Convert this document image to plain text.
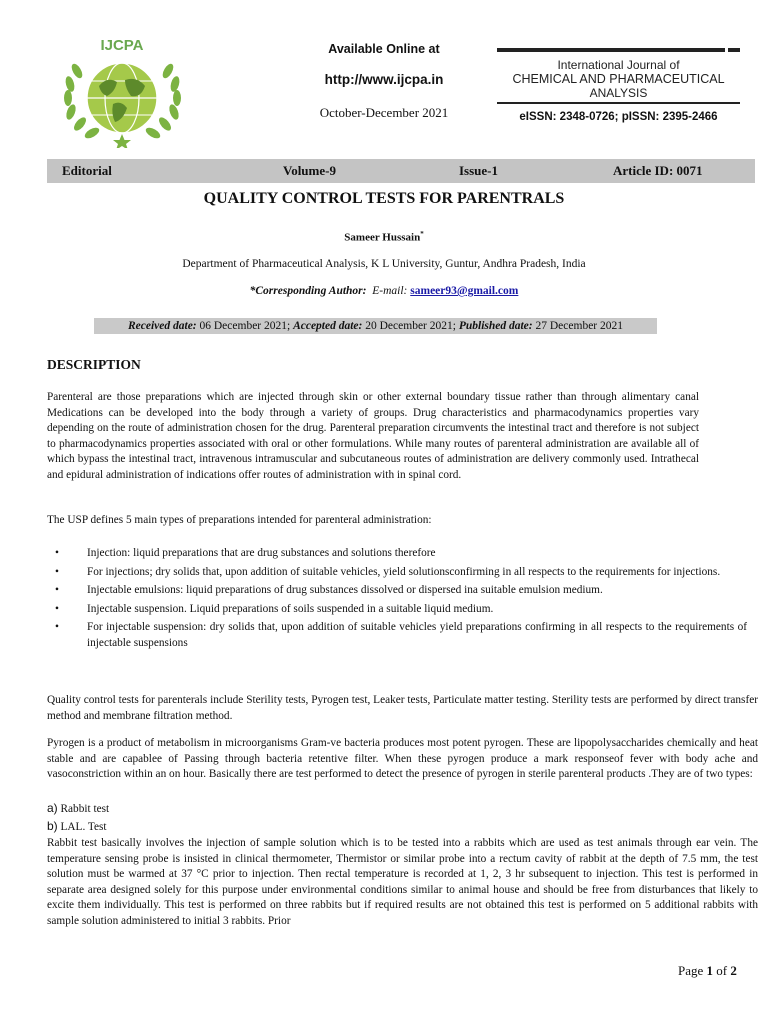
IJCPA	Available Online at
http://www.ijcpa.in
October-December 2021
International Journal of
CHEMICAL AND PHARMACEUTICAL
ANALYSIS
eISSN: 2348-0726; pISSN: 2395-2466
Editorial	Volume-9	Issue-1	Article ID: 0071
QUALITY CONTROL TESTS FOR PARENTRALS
Sameer Hussain*
Department of Pharmaceutical Analysis, K L University, Guntur, Andhra Pradesh, India
*Corresponding Author: E-mail: sameer93@gmail.com
Received date: 06 December 2021; Accepted date: 20 December 2021; Published date: 27 December 2021
DESCRIPTION
Parenteral are those preparations which are injected through skin or other external boundary tissue rather than through alimentary canal Medications can be developed into the body through a variety of groups. Drug characteristics and pharmacodynamics properties vary depending on the route of administration chosen for the drug. Parenteral preparation circumvents the intestinal tract and therefore is not subject to pharmacodynamics properties associated with oral or other formulations. While many routes of parenteral administration are available all of which bypass the intestinal tract, intravenous intramuscular and subcutaneous routes of administration are delivery commonly used. Intrathecal and epidural administration of indications offer routes of administration with in spinal cord.
The USP defines 5 main types of preparations intended for parenteral administration:
• Injection: liquid preparations that are drug substances and solutions therefore
• For injections; dry solids that, upon addition of suitable vehicles, yield solutionsconfirming in all respects to the requirements for injections.
• Injectable emulsions: liquid preparations of drug substances dissolved or dispersed ina suitable emulsion medium.
• Injectable suspension. Liquid preparations of soils suspended in a suitable liquid medium.
• For injectable suspension: dry solids that, upon addition of suitable vehicles yield preparations confirming in all respects to the requirements of injectable suspensions
Quality control tests for parenterals include Sterility tests, Pyrogen test, Leaker tests, Particulate matter testing. Sterility tests are performed by direct transfer method and membrane filtration method.
Pyrogen is a product of metabolism in microorganisms Gram-ve bacteria produces most potent pyrogen. These are lipopolysaccharides chemically and heat stable and are capablee of Passing through bacteria retentive filter. When these pyrogen produce a mark responseof fever with body ache and vasoconstriction within an on hour. Basically there are test performed to detect the presence of pyrogen in sterile parenteral products .They are of two types:
a) Rabbit test
b) LAL. Test
Rabbit test basically involves the injection of sample solution which is to be tested into a rabbits which are used as test animals through ear vein. The temperature sensing probe is insisted in clinical thermometer, Thermistor or similar probe into a rectum cavity of rabbit at the depth of 7.5 mm, the test solution must be warmed at 37 °C prior to injection. Then rectal temperature is recorded at 1, 2, 3 hr subsequent to injection. This test is performed in separate area designed solely for this purpose under environmental conditions similar to animal house and should be free from disturbances that likely to excite them individually. This test is performed on three rabbits but if required results are not obtained this test is performed on 5 additional rabbits with sample solution administered to initial 3 rabbits. Prior
Page 1 of 2
